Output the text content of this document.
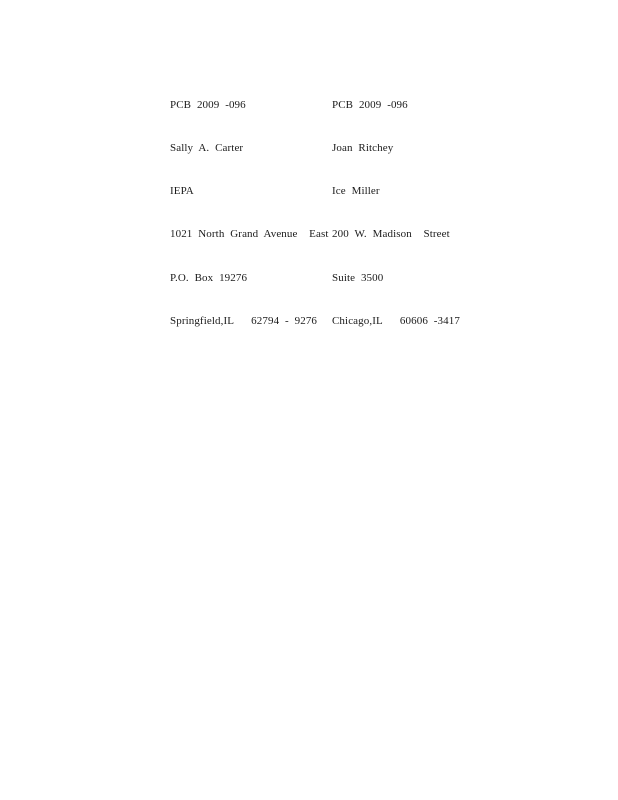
PCB 2009 -096

Sally A. Carter

IEPA

1021 North Grand Avenue  East

P.O. Box 19276

Springfield,IL   62794 - 9276

PCB 2009 -096

Joan Ritchey

Ice Miller

200 W. Madison  Street

Suite 3500

Chicago,IL   60606 -3417
